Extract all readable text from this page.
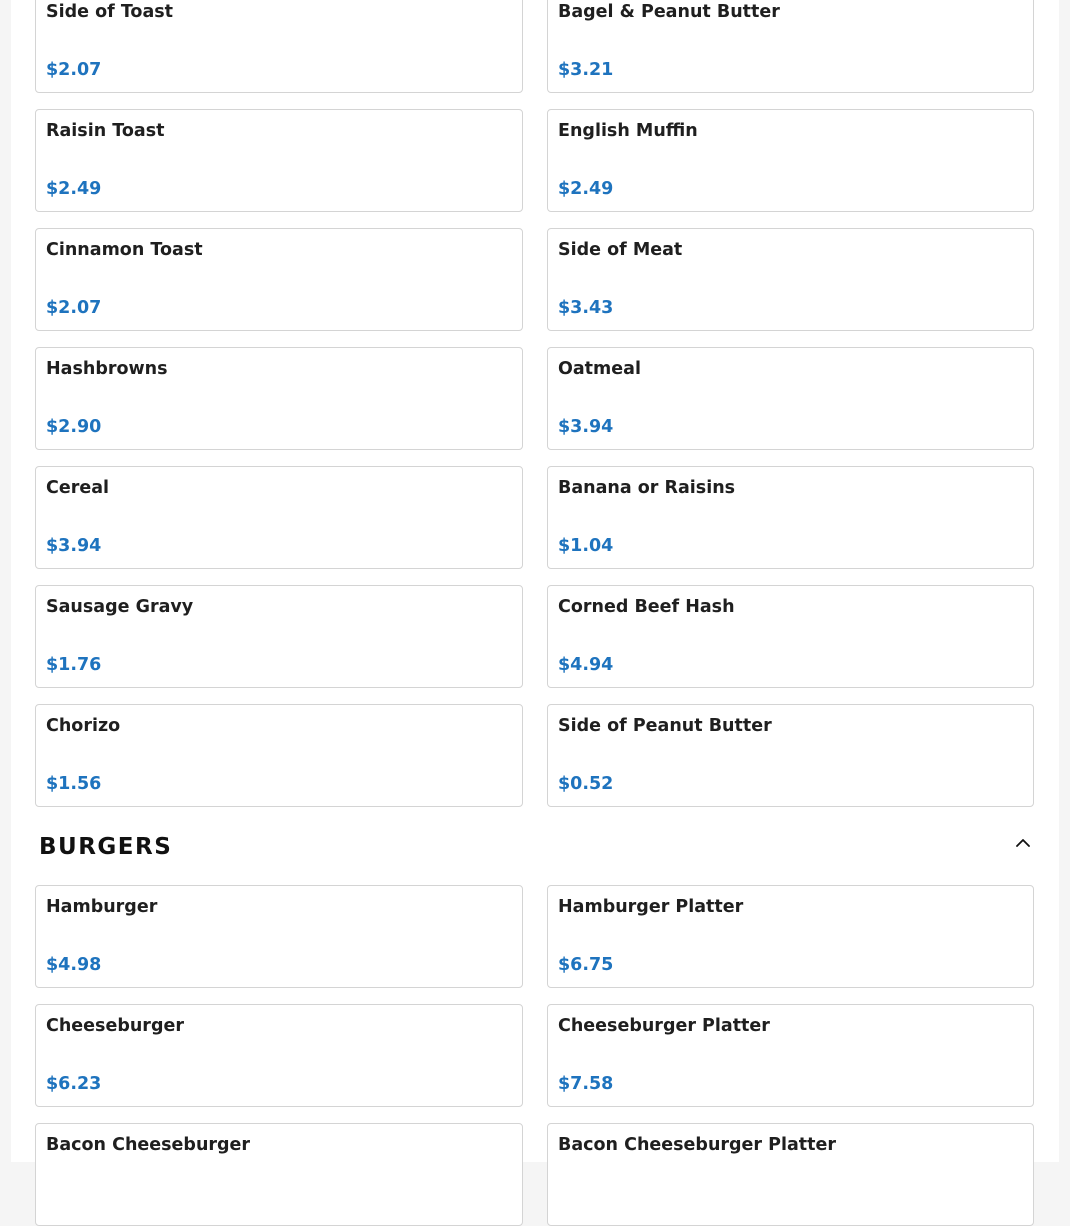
Side of Toast
$2.07
Bagel & Peanut Butter
$3.21
Raisin Toast
$2.49
English Muffin
$2.49
Cinnamon Toast
$2.07
Side of Meat
$3.43
Hashbrowns
$2.90
Oatmeal
$3.94
Cereal
$3.94
Banana or Raisins
$1.04
Sausage Gravy
$1.76
Corned Beef Hash
$4.94
Chorizo
$1.56
Side of Peanut Butter
$0.52
BURGERS
Hamburger
$4.98
Hamburger Platter
$6.75
Cheeseburger
$6.23
Cheeseburger Platter
$7.58
Bacon Cheeseburger	Bacon Cheeseburger Platter
